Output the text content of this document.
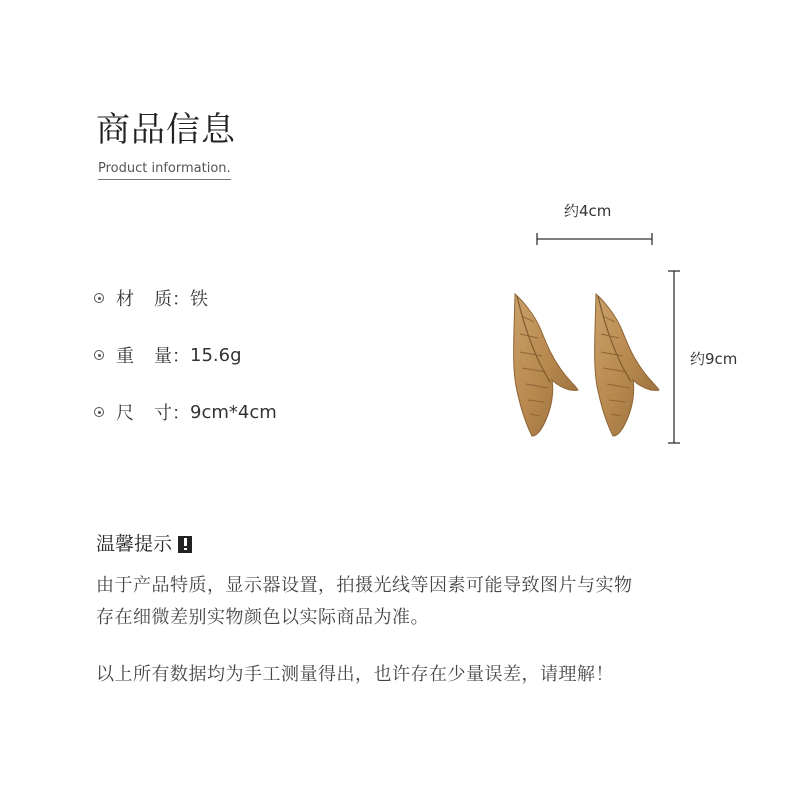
商品信息
Product information.
材 质： 铁
重 量： 15.6g
尺 寸： 9cm*4cm
约4cm
约9cm
温馨提示
由于产品特质，显示器设置，拍摄光线等因素可能导致图片与实物
存在细微差别实物颜色以实际商品为准。
以上所有数据均为手工测量得出，也许存在少量误差，请理解！
